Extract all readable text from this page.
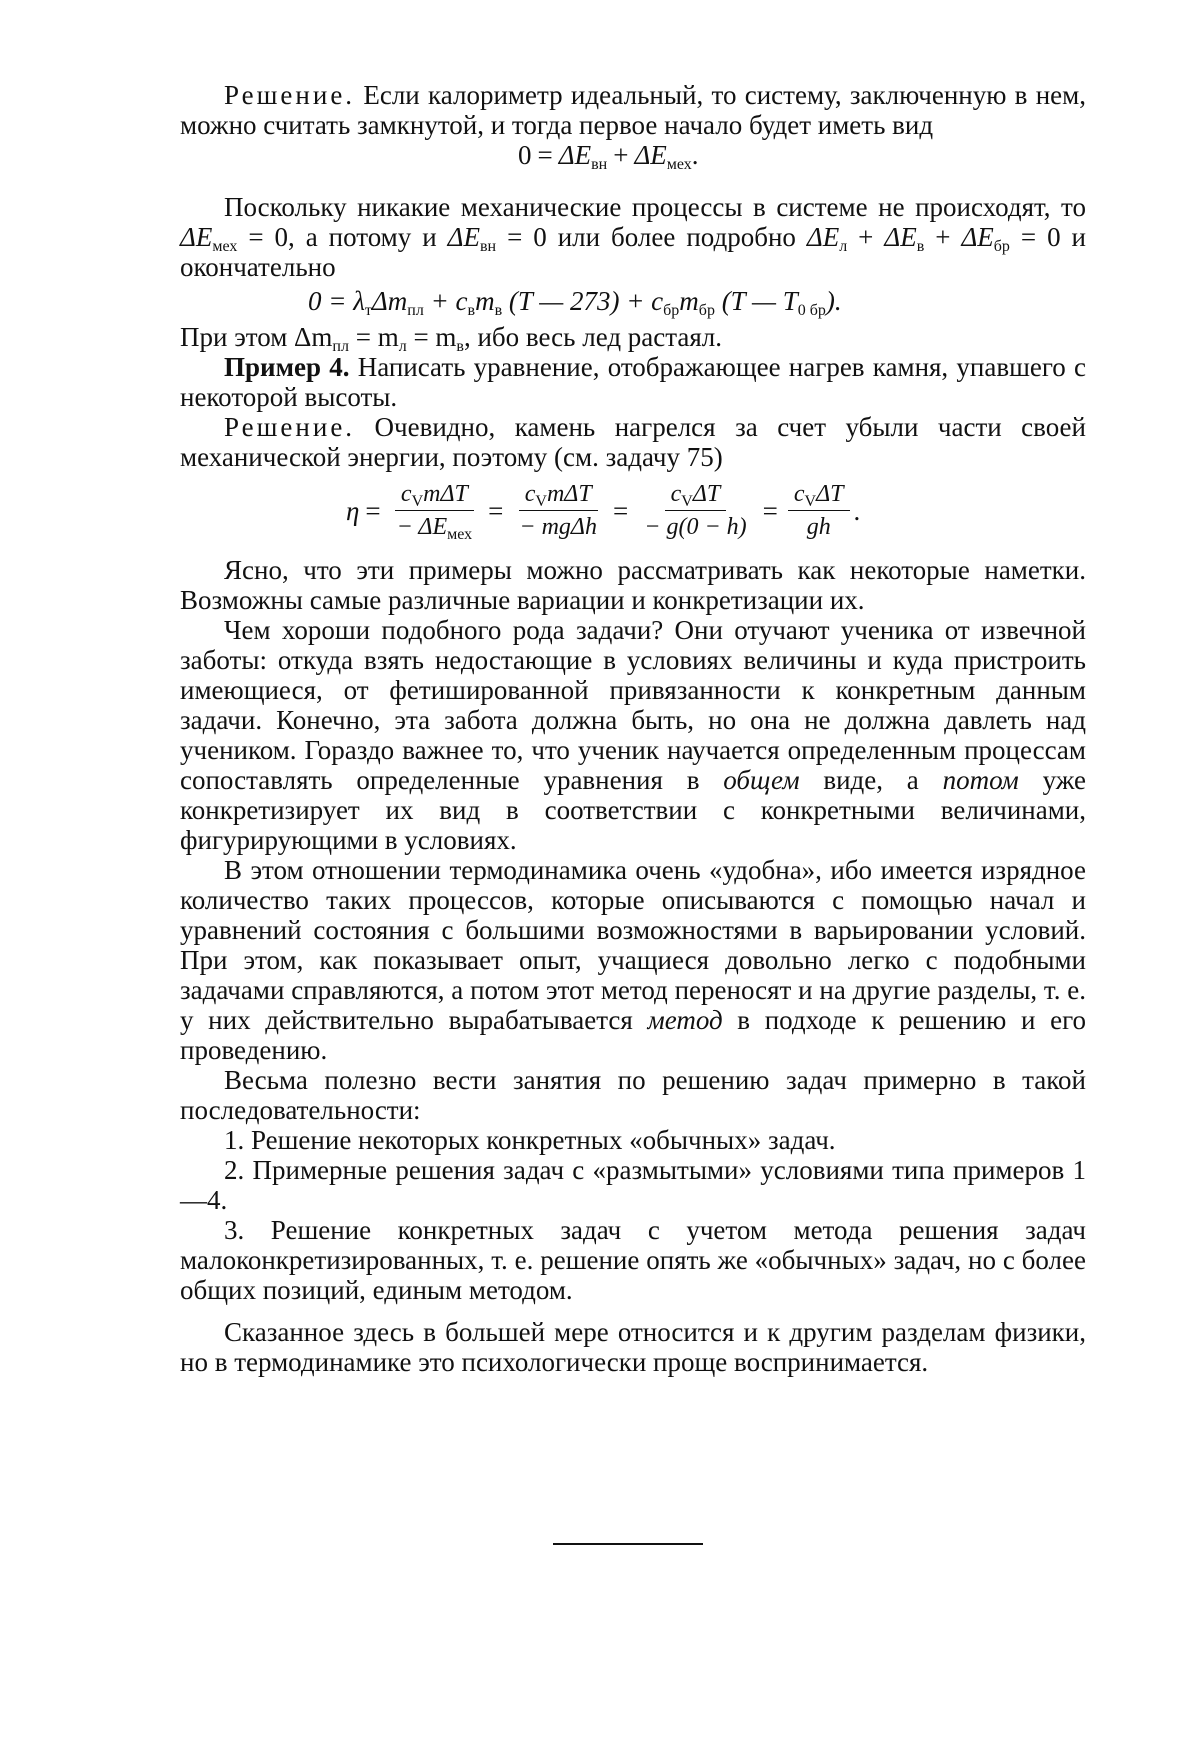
Решение. Если калориметр идеальный, то систему, заключенную в нем, можно считать замкнутой, и тогда первое начало будет иметь вид

$0 = \Delta E_{вн} + \Delta E_{мех}$.

Поскольку никакие механические процессы в системе не происходят, то $\Delta E_{мех} = 0$, а потому и $\Delta E_{вн} = 0$ или более подробно $\Delta E_л + \Delta E_в + \Delta E_{бр} = 0$ и окончательно

$0 = \lambda_т\Delta m_{пл} + c_вm_в$ (T — $273) + c_{бр}m_{бр}$ (T — $T_{0 бр}$).

При этом $\Delta m_{пл} = m_л = m_в$, ибо весь лед растаял.

Пример 4. Написать уравнение, отображающее нагрев камня, упавшего с некоторой высоты.

Решение. Очевидно, камень нагрелся за счет убыли части своей механической энергии, поэтому (см. задачу 75)

$\eta = \frac{c_Vm\Delta T}{- \Delta E_{мех}} = \frac{c_Vm\Delta T}{\text{− mgΔh}} = \frac{c_V\Delta T}{- g(0 - h)} = \frac{c_V\Delta T}{gh}$ .

Ясно, что эти примеры можно рассматривать как некоторые наметки. Возможны самые различные вариации и конкретизации их.

Чем хороши подобного рода задачи? Они отучают ученика от извечной заботы: откуда взять недостающие в условиях величины и куда пристроить имеющиеся, от фетишированной привязанности к конкретным данным задачи. Конечно, эта забота должна быть, но она не должна давлеть над учеником. Гораздо важнее то, что ученик научается определенным процессам сопоставлять определенные уравнения в общем виде, а потом уже конкретизирует их вид в соответствии с конкретными величинами, фигурирующими в условиях.

В этом отношении термодинамика очень «удобна», ибо имеется изрядное количество таких процессов, которые описываются с помощью начал и уравнений состояния с большими возможностями в варьировании условий. При этом, как показывает опыт, учащиеся довольно легко с подобными задачами справляются, а потом этот метод переносят и на другие разделы, т. е. у них действительно вырабатывается метод в подходе к решению и его проведению.

Весьма полезно вести занятия по решению задач примерно в такой последовательности:

1. Решение некоторых конкретных «обычных» задач.

2. Примерные решения задач с «размытыми» условиями типа примеров 1—4.

3. Решение конкретных задач с учетом метода решения задач малоконкретизированных, т. е. решение опять же «обычных» задач, но с более общих позиций, единым методом.

Сказанное здесь в большей мере относится и к другим разделам физики, но в термодинамике это психологически проще воспринимается.
